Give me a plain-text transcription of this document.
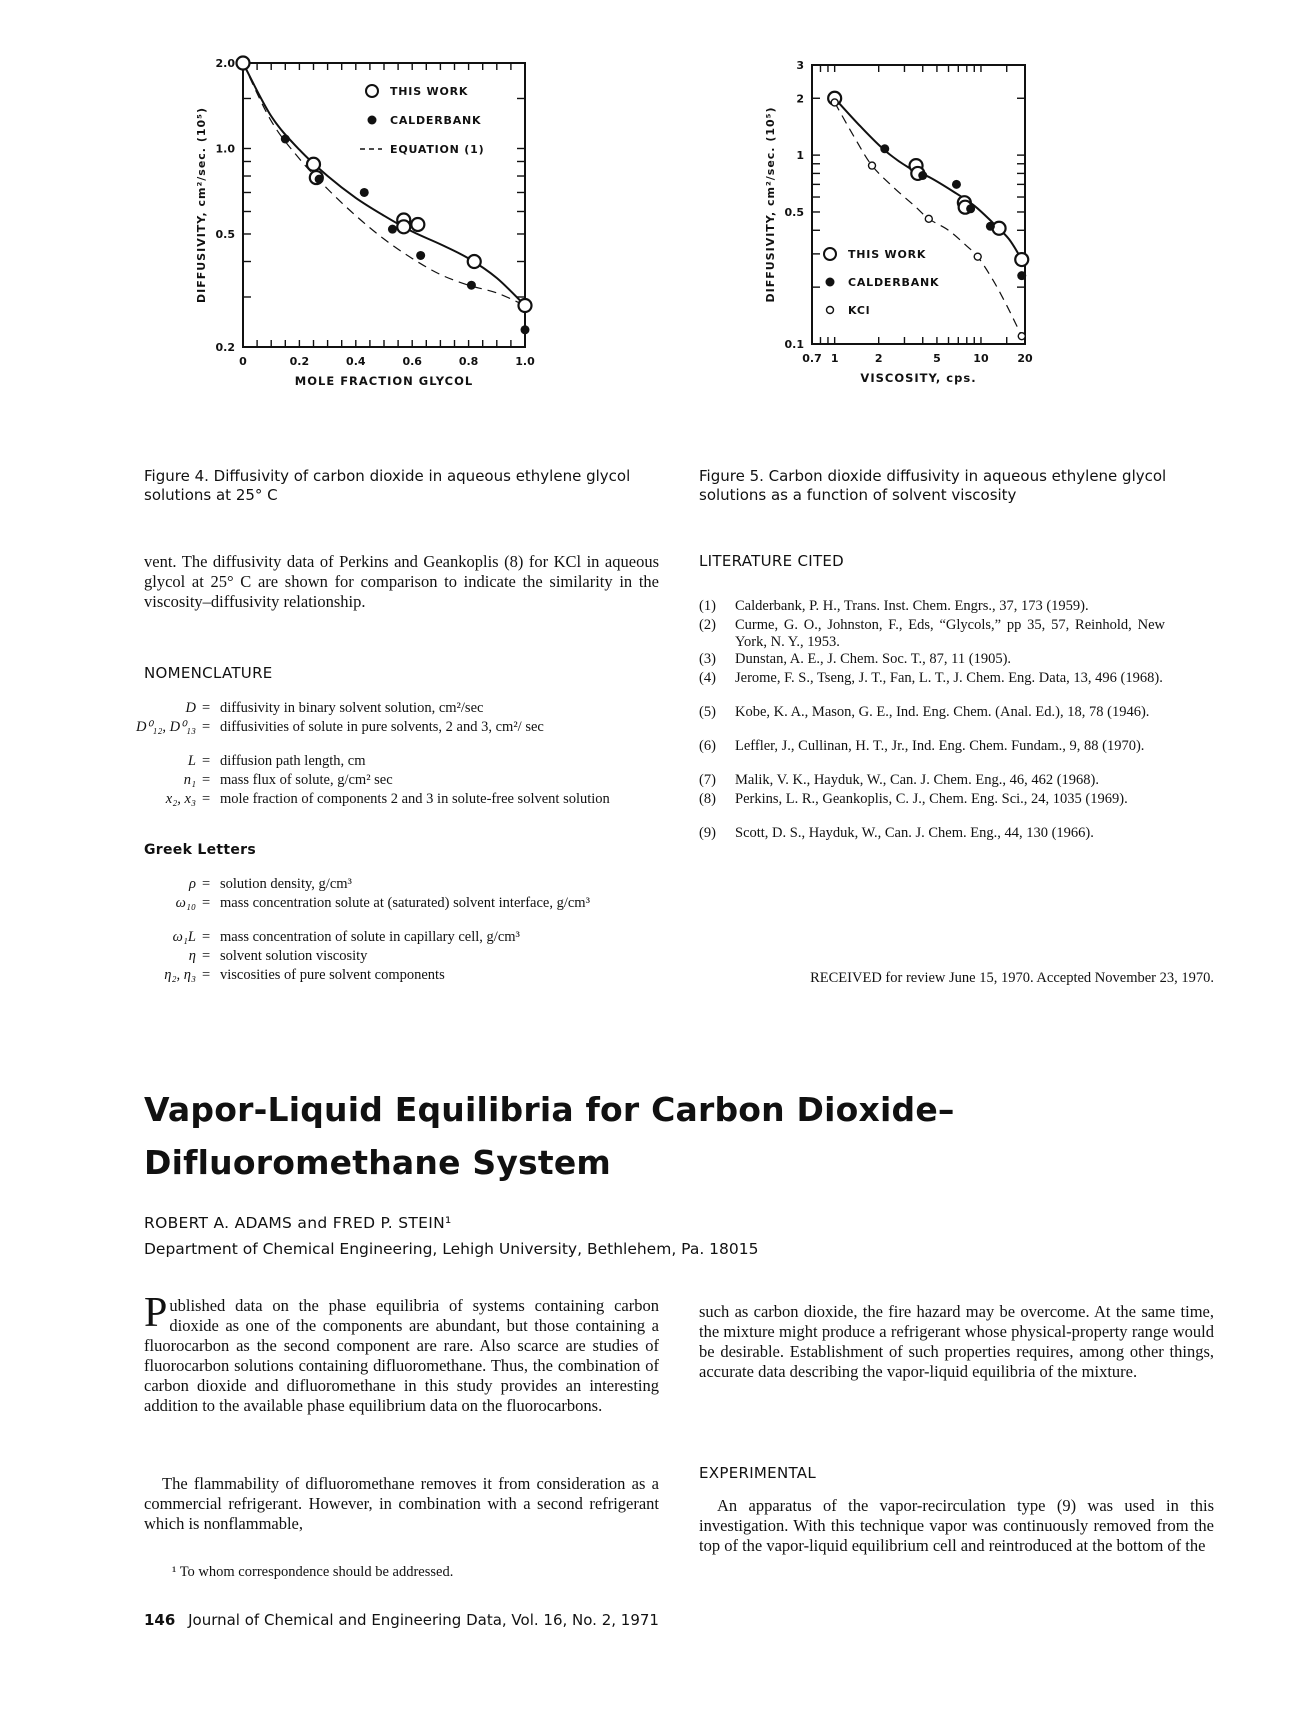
0	0.2	0.4	0.6	0.8	1.0
0.2
0.5
1.0
2.0
MOLE FRACTION GLYCOL
DIFFUSIVITY, cm²/sec. (10⁵)
THIS WORK
CALDERBANK
EQUATION (1)
0.7 1	2	5	10	20
0.1
0.5
1
2
3
VISCOSITY, cps.
DIFFUSIVITY, cm²/sec. (10⁵)	THIS WORK
CALDERBANK
KCl
Figure 4. Diffusivity of carbon dioxide in aqueous ethylene glycol solutions at 25° C
Figure 5. Carbon dioxide diffusivity in aqueous ethylene glycol solutions as a function of solvent viscosity
vent. The diffusivity data of Perkins and Geankoplis (8) for KCl in aqueous glycol at 25° C are shown for comparison to indicate the similarity in the viscosity–diffusivity relationship.
NOMENCLATURE
D = diffusivity in binary solvent solution, cm²/sec
D⁰₁₂, D⁰₁₃ = diffusivities of solute in pure solvents, 2 and 3, cm²/ sec
L = diffusion path length, cm
n₁ = mass flux of solute, g/cm² sec
x₂, x₃ = mole fraction of components 2 and 3 in solute-free solvent solution
Greek Letters
ρ = solution density, g/cm³
ω₁₀ = mass concentration solute at (saturated) solvent interface, g/cm³
ω₁L = mass concentration of solute in capillary cell, g/cm³
η = solvent solution viscosity
η₂, η₃ = viscosities of pure solvent components
LITERATURE CITED
(1) Calderbank, P. H., Trans. Inst. Chem. Engrs., 37, 173 (1959).
(2) Curme, G. O., Johnston, F., Eds, “Glycols,” pp 35, 57, Reinhold, New York, N. Y., 1953.
(3) Dunstan, A. E., J. Chem. Soc. T., 87, 11 (1905).
(4) Jerome, F. S., Tseng, J. T., Fan, L. T., J. Chem. Eng. Data, 13, 496 (1968).
(5) Kobe, K. A., Mason, G. E., Ind. Eng. Chem. (Anal. Ed.), 18, 78 (1946).
(6) Leffler, J., Cullinan, H. T., Jr., Ind. Eng. Chem. Fundam., 9, 88 (1970).
(7) Malik, V. K., Hayduk, W., Can. J. Chem. Eng., 46, 462 (1968).
(8) Perkins, L. R., Geankoplis, C. J., Chem. Eng. Sci., 24, 1035 (1969).
(9) Scott, D. S., Hayduk, W., Can. J. Chem. Eng., 44, 130 (1966).
RECEIVED for review June 15, 1970. Accepted November 23, 1970.
Vapor-Liquid Equilibria for Carbon Dioxide–
Difluoromethane System
ROBERT A. ADAMS and FRED P. STEIN¹
Department of Chemical Engineering, Lehigh University, Bethlehem, Pa. 18015
P ublished data on the phase equilibria of systems containing carbon dioxide as one of the components are abundant, but those containing a fluorocarbon as the second component are rare. Also scarce are studies of fluorocarbon solutions containing difluoromethane. Thus, the combination of carbon dioxide and difluoromethane in this study provides an interesting addition to the available phase equilibrium data on the fluorocarbons.
The flammability of difluoromethane removes it from consideration as a commercial refrigerant. However, in combination with a second refrigerant which is nonflammable,
¹ To whom correspondence should be addressed.
such as carbon dioxide, the fire hazard may be overcome. At the same time, the mixture might produce a refrigerant whose physical-property range would be desirable. Establishment of such properties requires, among other things, accurate data describing the vapor-liquid equilibria of the mixture.
EXPERIMENTAL
An apparatus of the vapor-recirculation type (9) was used in this investigation. With this technique vapor was continuously removed from the top of the vapor-liquid equilibrium cell and reintroduced at the bottom of the
146 Journal of Chemical and Engineering Data, Vol. 16, No. 2, 1971
